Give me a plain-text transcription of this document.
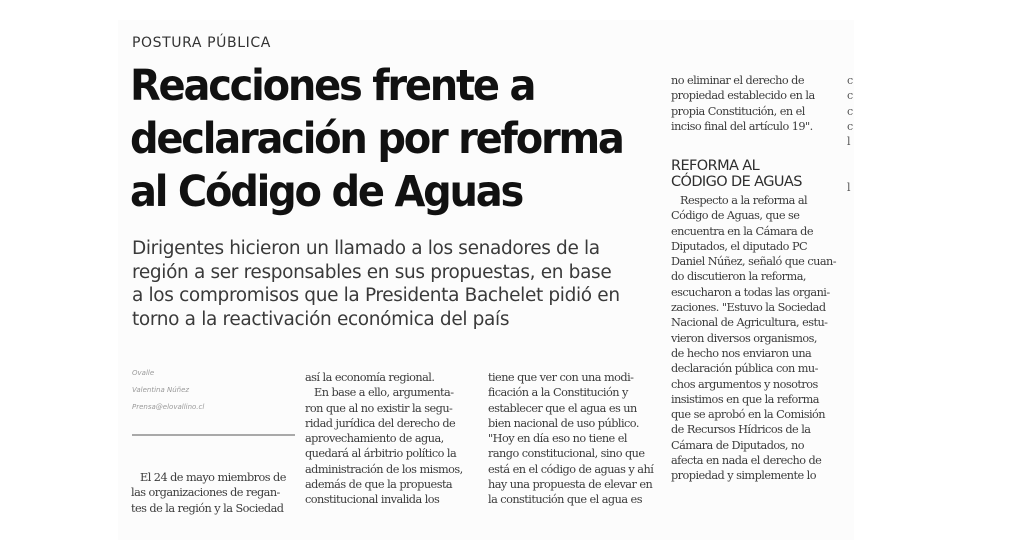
POSTURA PÚBLICA
Reacciones frente a
declaración por reforma
al Código de Aguas
Dirigentes hicieron un llamado a los senadores de la
región a ser responsables en sus propuestas, en base
a los compromisos que la Presidenta Bachelet pidió en
torno a la reactivación económica del país
Ovalle
Valentina Núñez
Prensa@elovallino.cl
El 24 de mayo miembros de
las organizaciones de regan-
tes de la región y la Sociedad
así la economía regional.
En base a ello, argumenta-
ron que al no existir la segu-
ridad jurídica del derecho de
aprovechamiento de agua,
quedará al árbitrio político la
administración de los mismos,
además de que la propuesta
constitucional invalida los
tiene que ver con una modi-
ficación a la Constitución y
establecer que el agua es un
bien nacional de uso público.
"Hoy en día eso no tiene el
rango constitucional, sino que
está en el código de aguas y ahí
hay una propuesta de elevar en
la constitución que el agua es
no eliminar el derecho de
propiedad establecido en la
propia Constitución, en el
inciso final del artículo 19".
REFORMA AL
CÓDIGO DE AGUAS
Respecto a la reforma al
Código de Aguas, que se
encuentra en la Cámara de
Diputados, el diputado PC
Daniel Núñez, señaló que cuan-
do discutieron la reforma,
escucharon a todas las organi-
zaciones. "Estuvo la Sociedad
Nacional de Agricultura, estu-
vieron diversos organismos,
de hecho nos enviaron una
declaración pública con mu-
chos argumentos y nosotros
insistimos en que la reforma
que se aprobó en la Comisión
de Recursos Hídricos de la
Cámara de Diputados, no
afecta en nada el derecho de
propiedad y simplemente lo
c
c
c
c
l
l
